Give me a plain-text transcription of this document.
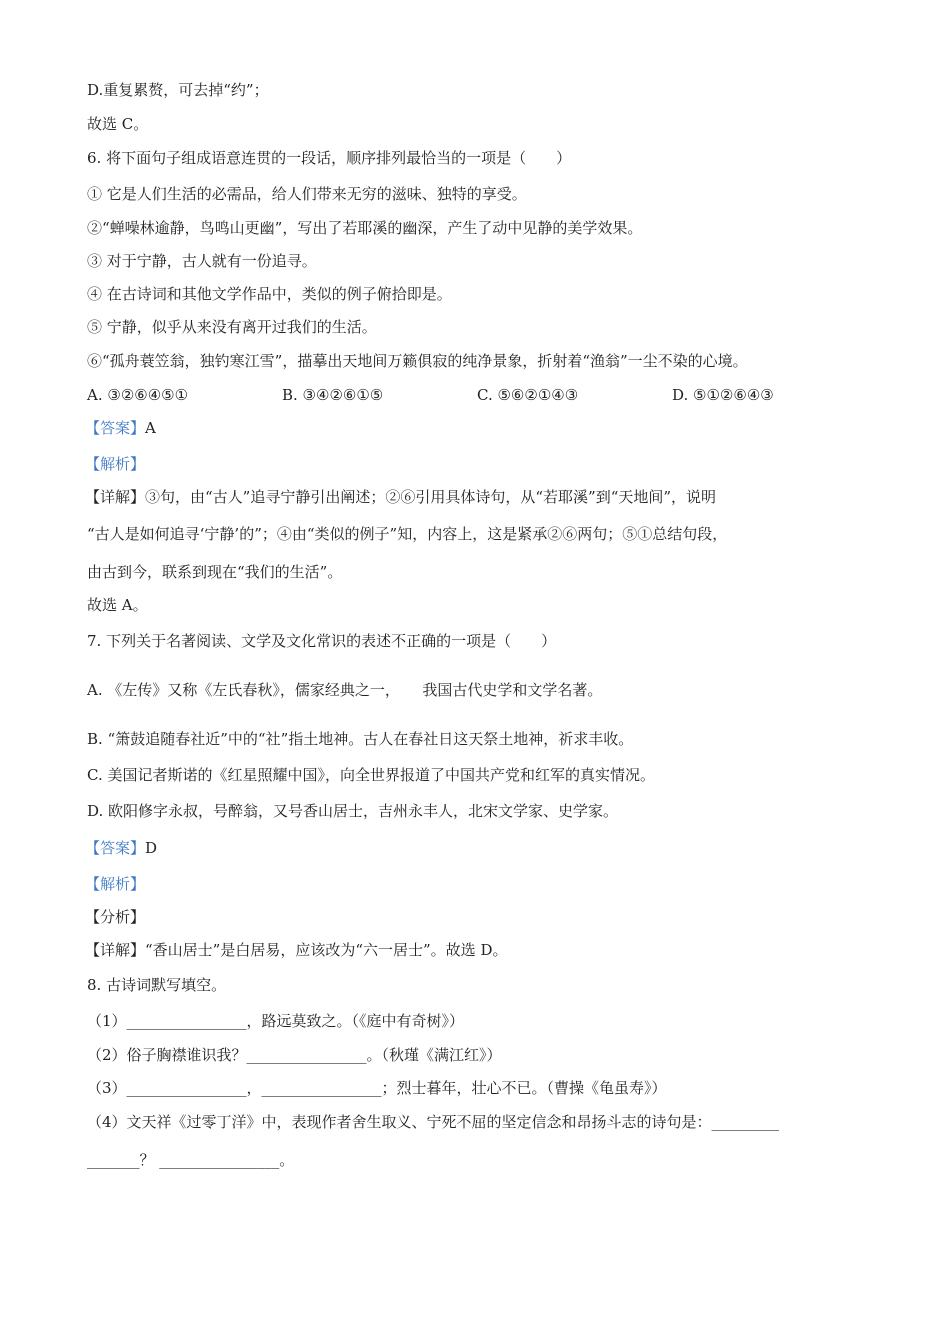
D.重复累赘，可去掉“约”；
故选 C。
6. 将下面句子组成语意连贯的一段话，顺序排列最恰当的一项是（　　）
① 它是人们生活的必需品，给人们带来无穷的滋味、独特的享受。
②“蝉噪林逾静，鸟鸣山更幽”，写出了若耶溪的幽深，产生了动中见静的美学效果。
③ 对于宁静，古人就有一份追寻。
④ 在古诗词和其他文学作品中，类似的例子俯拾即是。
⑤ 宁静，似乎从来没有离开过我们的生活。
⑥“孤舟蓑笠翁，独钓寒江雪”，描摹出天地间万籁俱寂的纯净景象，折射着“渔翁”一尘不染的心境。
A. ③②⑥④⑤①	B. ③④②⑥①⑤	C. ⑤⑥②①④③	D. ⑤①②⑥④③
【答案】A
【解析】
【详解】③句，由“古人”追寻宁静引出阐述；②⑥引用具体诗句，从“若耶溪”到“天地间”，说明
“古人是如何追寻‘宁静’的”；④由“类似的例子”知，内容上，这是紧承②⑥两句；⑤①总结句段，
由古到今，联系到现在“我们的生活”。
故选 A。
7. 下列关于名著阅读、文学及文化常识的表述不正确的一项是（　　）
A. 《左传》又称《左氏春秋》，儒家经典之一，　　我国古代史学和文学名著。
B. “箫鼓追随春社近”中的“社”指土地神。古人在春社日这天祭土地神，祈求丰收。
C. 美国记者斯诺的《红星照耀中国》，向全世界报道了中国共产党和红军的真实情况。
D. 欧阳修字永叔，号醉翁，又号香山居士，吉州永丰人，北宋文学家、史学家。
【答案】D
【解析】
【分析】
【详解】“香山居士”是白居易，应该改为“六一居士”。故选 D。
8. 古诗词默写填空。
（1）________________，路远莫致之。（《庭中有奇树》）
（2）俗子胸襟谁识我？________________。（秋瑾《满江红》）
（3）________________，________________；烈士暮年，壮心不已。（曹操《龟虽寿》）
（4）文天祥《过零丁洋》中，表现作者舍生取义、宁死不屈的坚定信念和昂扬斗志的诗句是：_________
_______？ ________________。
